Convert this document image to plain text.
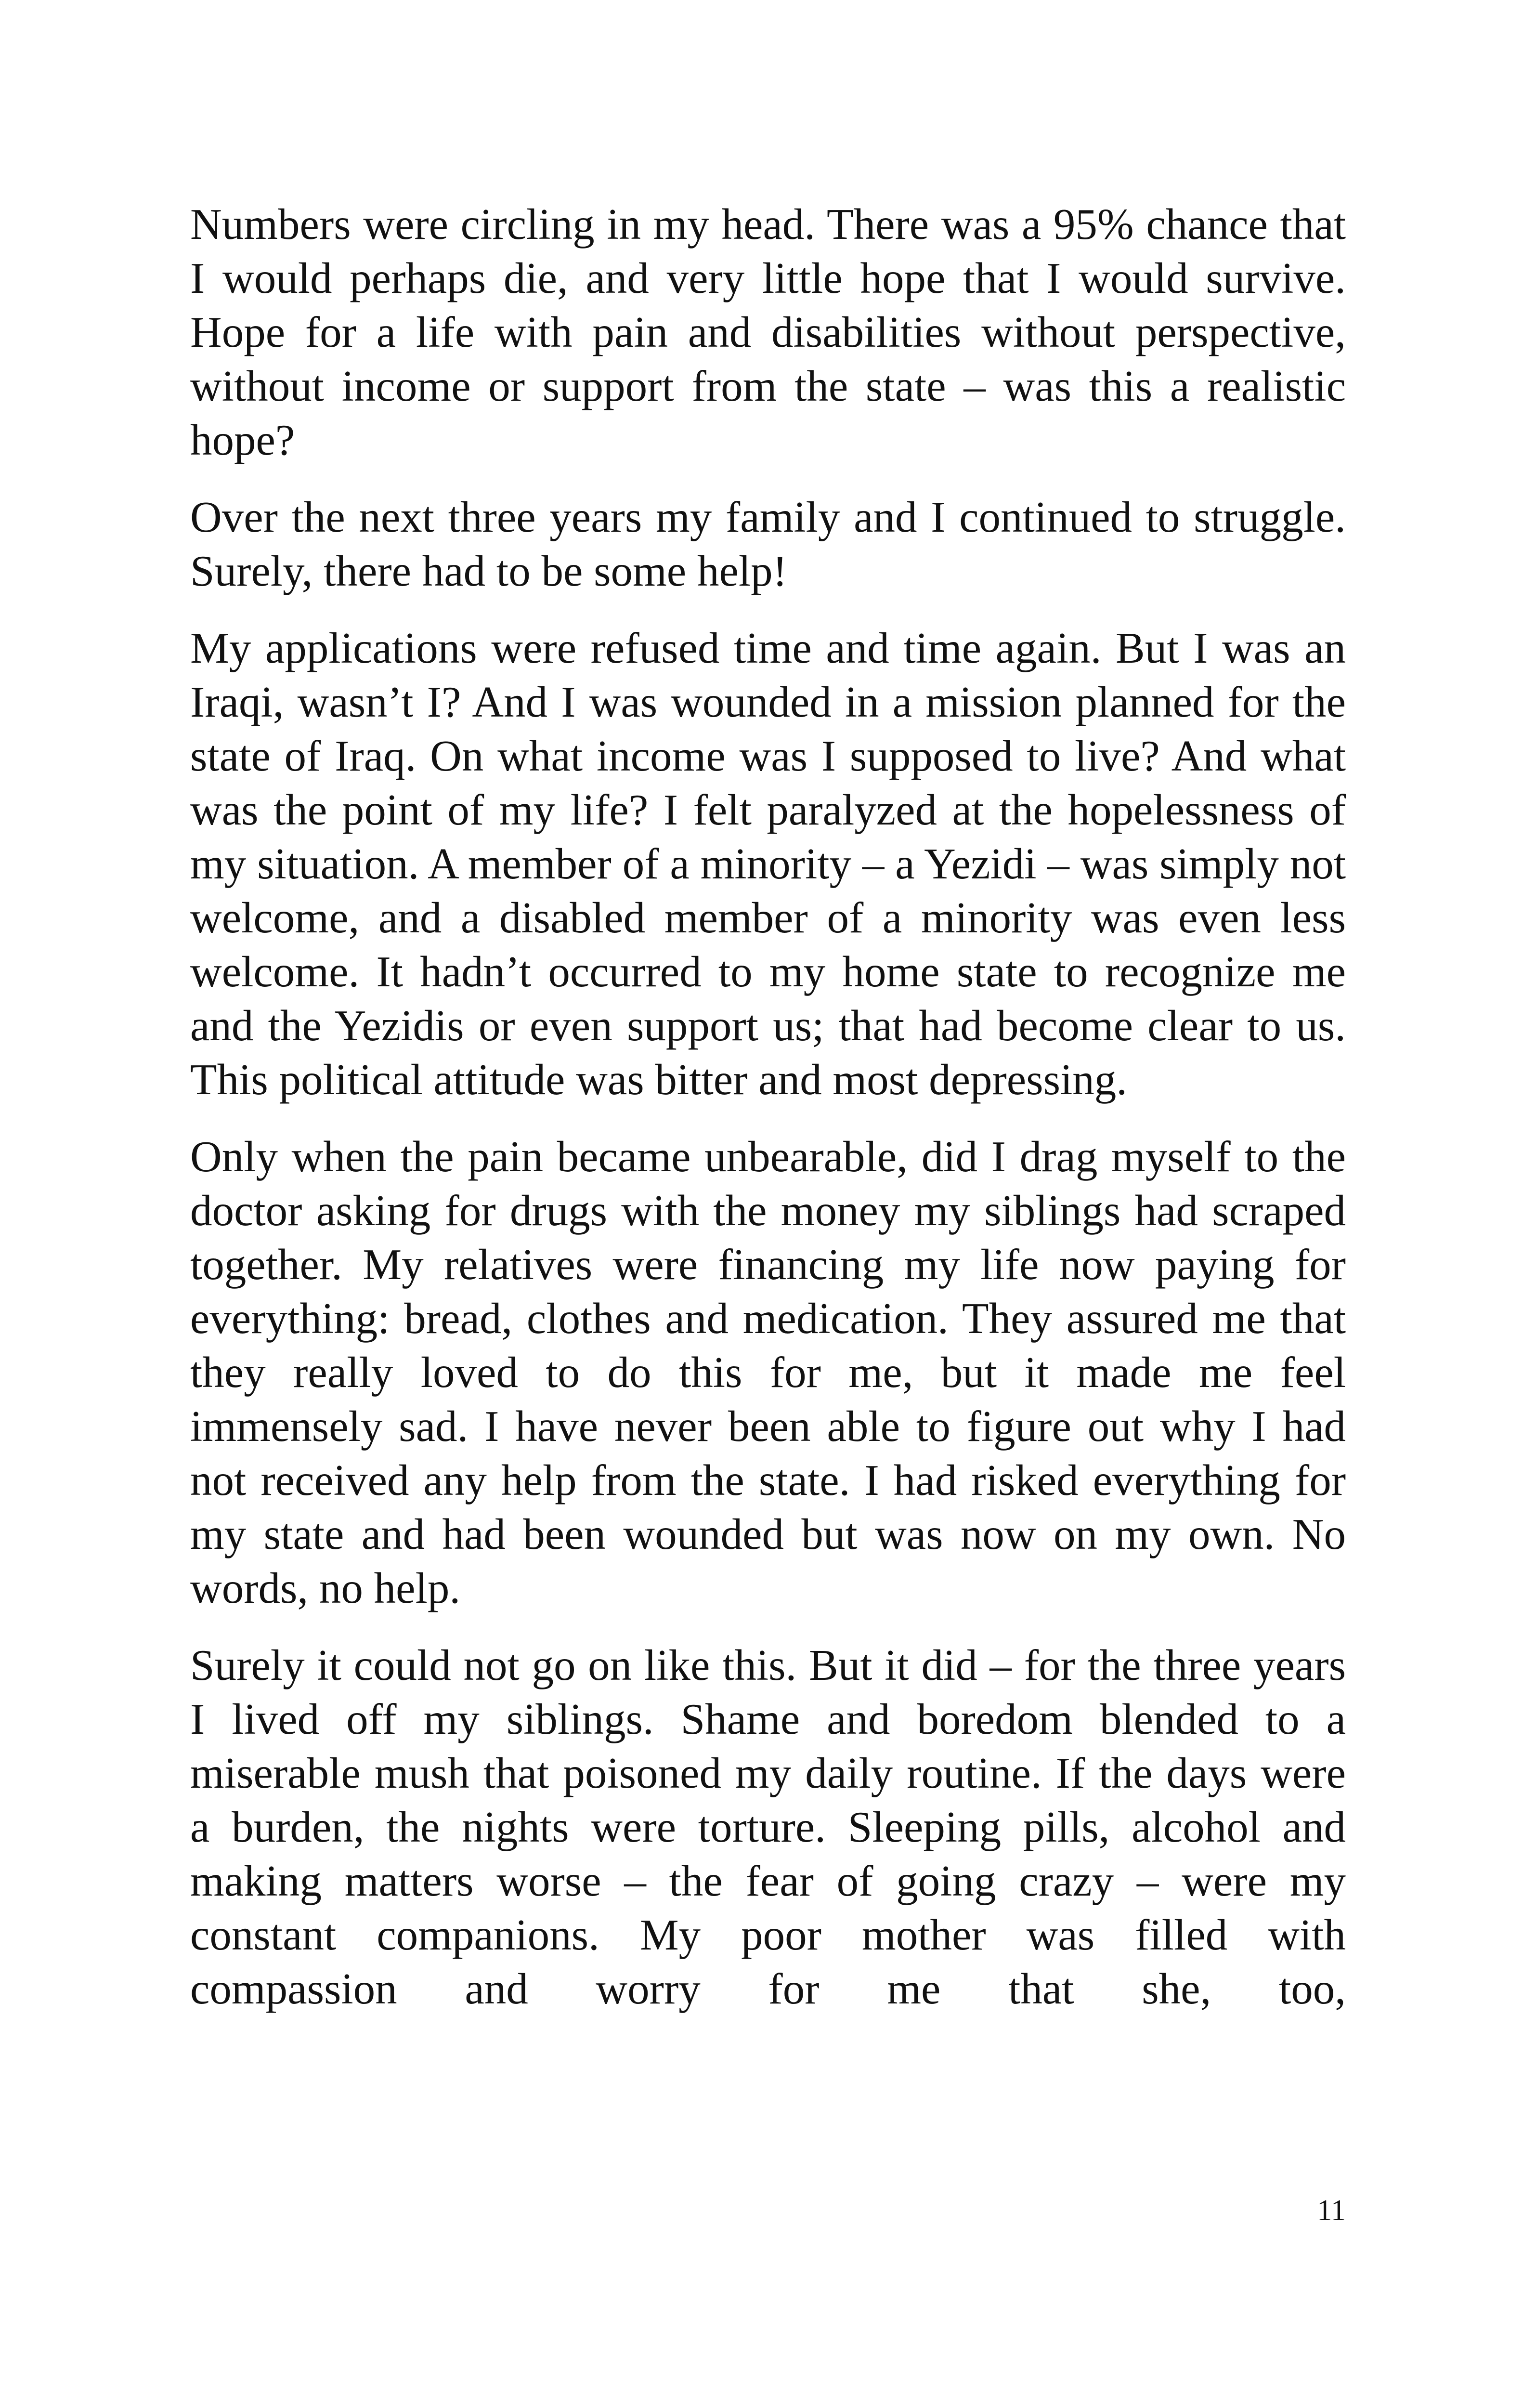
Numbers were circling in my head. There was a 95% chance that I would perhaps die, and very little hope that I would survive. Hope for a life with pain and disabilities without perspective, without income or support from the state – was this a realistic hope?

Over the next three years my family and I continued to struggle. Surely, there had to be some help!

My applications were refused time and time again. But I was an Iraqi, wasn’t I? And I was wounded in a mission planned for the state of Iraq. On what income was I supposed to live? And what was the point of my life? I felt paralyzed at the hopelessness of my situation. A member of a minority – a Yezidi – was simply not welcome, and a disabled member of a minority was even less welcome. It hadn’t occurred to my home state to recognize me and the Yezidis or even support us; that had become clear to us. This political attitude was bitter and most depressing.

Only when the pain became unbearable, did I drag myself to the doctor asking for drugs with the money my siblings had scraped together. My relatives were financing my life now paying for everything: bread, clothes and medication. They assured me that they really loved to do this for me, but it made me feel immensely sad. I have never been able to figure out why I had not received any help from the state. I had risked everything for my state and had been wounded but was now on my own. No words, no help.

Surely it could not go on like this. But it did – for the three years I lived off my siblings. Shame and boredom blended to a miserable mush that poisoned my daily routine. If the days were a burden, the nights were torture. Sleeping pills, alcohol and making matters worse – the fear of going crazy – were my constant companions. My poor mother was filled with compassion and worry for me that she, too,

11
